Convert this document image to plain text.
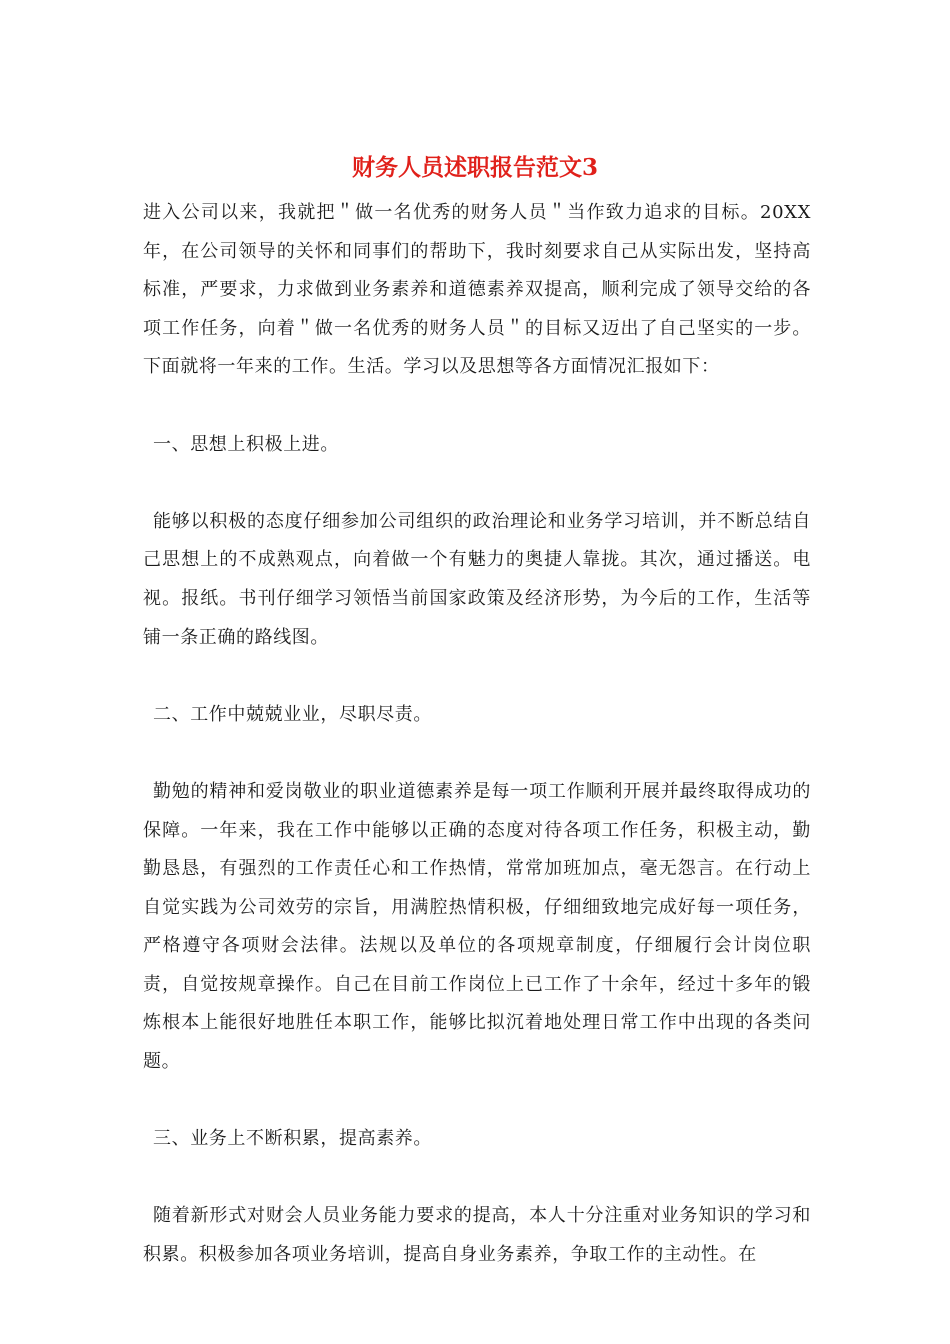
财务人员述职报告范文3

进入公司以来，我就把＂做一名优秀的财务人员＂当作致力追求的目标。20XX年，在公司领导的关怀和同事们的帮助下，我时刻要求自己从实际出发，坚持高标准，严要求，力求做到业务素养和道德素养双提高，顺利完成了领导交给的各项工作任务，向着＂做一名优秀的财务人员＂的目标又迈出了自己坚实的一步。下面就将一年来的工作。生活。学习以及思想等各方面情况汇报如下：

一、思想上积极上进。

能够以积极的态度仔细参加公司组织的政治理论和业务学习培训，并不断总结自己思想上的不成熟观点，向着做一个有魅力的奥捷人靠拢。其次，通过播送。电视。报纸。书刊仔细学习领悟当前国家政策及经济形势，为今后的工作，生活等铺一条正确的路线图。

二、工作中兢兢业业，尽职尽责。

勤勉的精神和爱岗敬业的职业道德素养是每一项工作顺利开展并最终取得成功的保障。一年来，我在工作中能够以正确的态度对待各项工作任务，积极主动，勤勤恳恳，有强烈的工作责任心和工作热情，常常加班加点，毫无怨言。在行动上自觉实践为公司效劳的宗旨，用满腔热情积极，仔细细致地完成好每一项任务，严格遵守各项财会法律。法规以及单位的各项规章制度，仔细履行会计岗位职责，自觉按规章操作。自己在目前工作岗位上已工作了十余年，经过十多年的锻炼根本上能很好地胜任本职工作，能够比拟沉着地处理日常工作中出现的各类问题。

三、业务上不断积累，提高素养。

随着新形式对财会人员业务能力要求的提高，本人十分注重对业务知识的学习和积累。积极参加各项业务培训，提高自身业务素养，争取工作的主动性。在
